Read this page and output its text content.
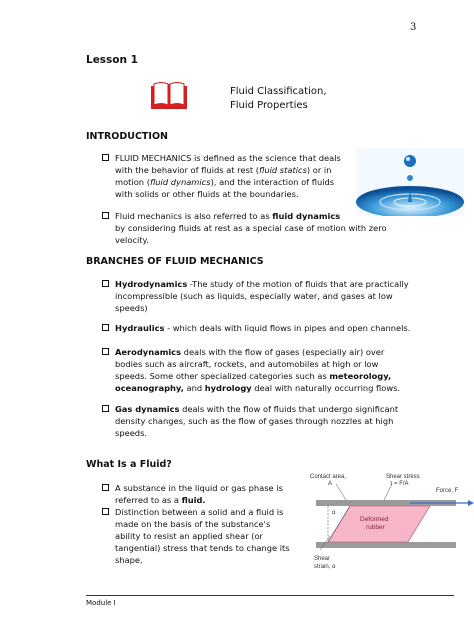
3
Lesson 1
Fluid Classification,
Fluid Properties
INTRODUCTION
FLUID MECHANICS is defined as the science that deals
with the behavior of fluids at rest (fluid statics) or in
motion (fluid dynamics), and the interaction of fluids
with solids or other fluids at the boundaries.
Fluid mechanics is also referred to as fluid dynamics
by considering fluids at rest as a special case of motion with zero
velocity.
BRANCHES OF FLUID MECHANICS
Hydrodynamics -The study of the motion of fluids that are practically
incompressible (such as liquids, especially water, and gases at low
speeds)
Hydraulics - which deals with liquid flows in pipes and open channels.
Aerodynamics deals with the flow of gases (especially air) over
bodies such as aircraft, rockets, and automobiles at high or low
speeds. Some other specialized categories such as meteorology,
oceanography, and hydrology deal with naturally occurring flows.
Gas dynamics deals with the flow of fluids that undergo significant
density changes, such as the flow of gases through nozzles at high
speeds.
What Is a Fluid?
A substance in the liquid or gas phase is
referred to as a fluid.
Distinction between a solid and a fluid is
made on the basis of the substance's
ability to resist an applied shear (or
tangential) stress that tends to change its
shape.
Contact area,
A
Shear stress
τ = F/A
Force, F
α
Deformed
rubber
Shear
strain, α
Module I
